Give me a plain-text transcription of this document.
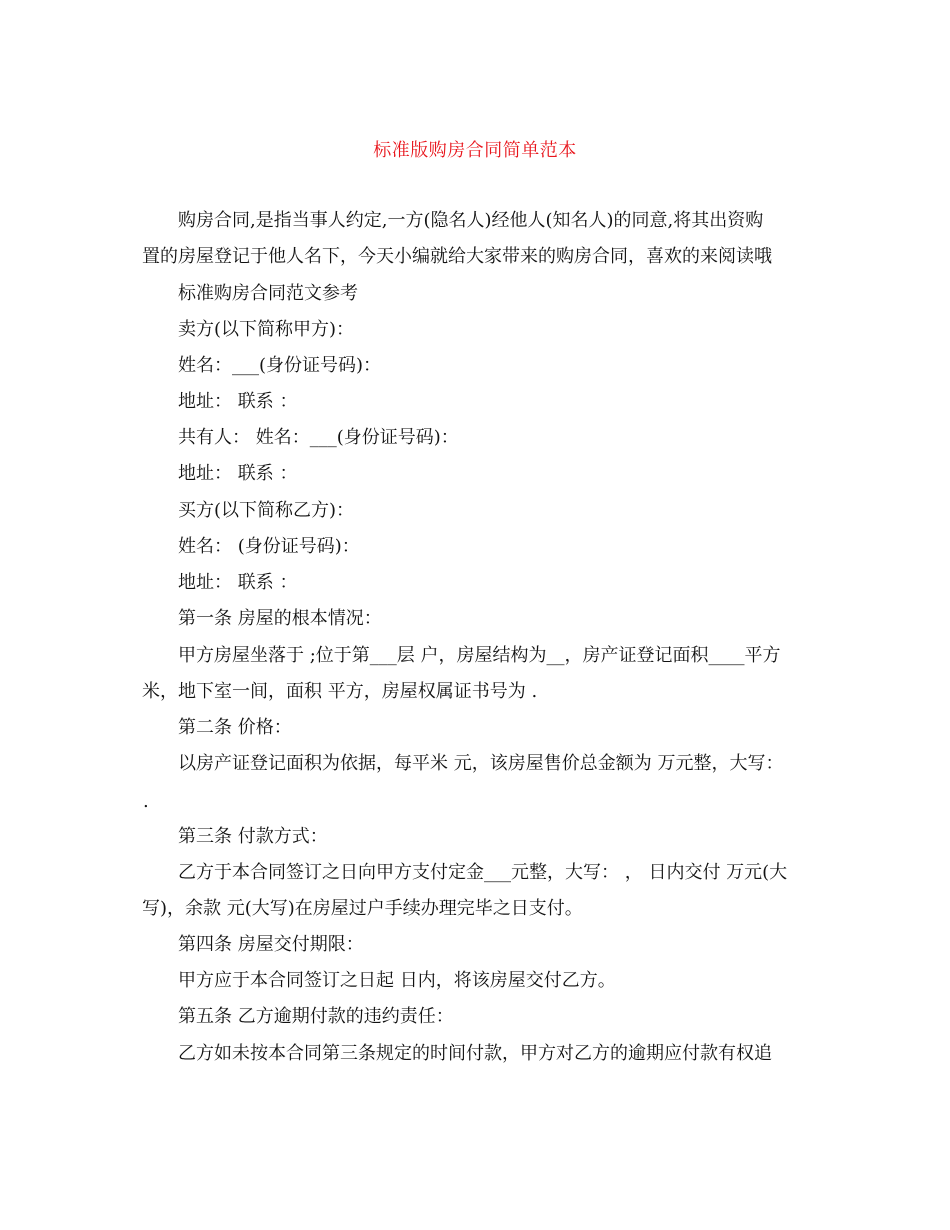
标准版购房合同简单范本
购房合同,是指当事人约定,一方(隐名人)经他人(知名人)的同意,将其出资购
置的房屋登记于他人名下，今天小编就给大家带来的购房合同，喜欢的来阅读哦
标准购房合同范文参考
卖方(以下简称甲方)：
姓名：___(身份证号码)：
地址： 联系 ：
共有人： 姓名：___(身份证号码)：
地址： 联系 ：
买方(以下简称乙方)：
姓名： (身份证号码)：
地址： 联系 ：
第一条 房屋的根本情况：
甲方房屋坐落于 ;位于第___层 户，房屋结构为__，房产证登记面积____平方
米，地下室一间，面积 平方，房屋权属证书号为 .
第二条 价格：
以房产证登记面积为依据，每平米 元，该房屋售价总金额为 万元整，大写：
.
第三条 付款方式：
乙方于本合同签订之日向甲方支付定金___元整，大写： ， 日内交付 万元(大
写)，余款 元(大写)在房屋过户手续办理完毕之日支付。
第四条 房屋交付期限：
甲方应于本合同签订之日起 日内，将该房屋交付乙方。
第五条 乙方逾期付款的违约责任：
乙方如未按本合同第三条规定的时间付款，甲方对乙方的逾期应付款有权追
